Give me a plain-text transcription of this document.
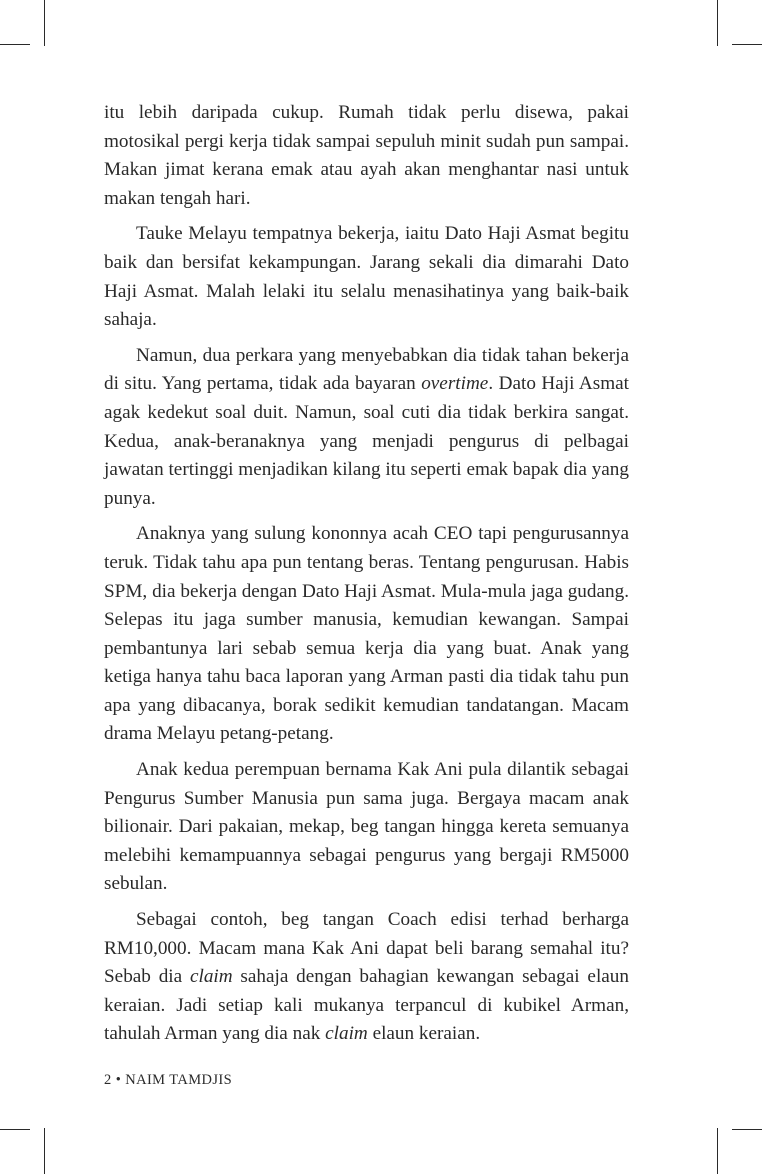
itu lebih daripada cukup. Rumah tidak perlu disewa, pakai motosikal pergi kerja tidak sampai sepuluh minit sudah pun sampai. Makan jimat kerana emak atau ayah akan menghantar nasi untuk makan tengah hari.

Tauke Melayu tempatnya bekerja, iaitu Dato Haji Asmat begitu baik dan bersifat kekampungan. Jarang sekali dia dimarahi Dato Haji Asmat. Malah lelaki itu selalu menasihatinya yang baik-baik sahaja.

Namun, dua perkara yang menyebabkan dia tidak tahan bekerja di situ. Yang pertama, tidak ada bayaran overtime. Dato Haji Asmat agak kedekut soal duit. Namun, soal cuti dia tidak berkira sangat. Kedua, anak-beranaknya yang menjadi pengurus di pelbagai jawatan tertinggi menjadikan kilang itu seperti emak bapak dia yang punya.

Anaknya yang sulung kononnya acah CEO tapi pengurusannya teruk. Tidak tahu apa pun tentang beras. Tentang pengurusan. Habis SPM, dia bekerja dengan Dato Haji Asmat. Mula-mula jaga gudang. Selepas itu jaga sumber manusia, kemudian kewangan. Sampai pembantunya lari sebab semua kerja dia yang buat. Anak yang ketiga hanya tahu baca laporan yang Arman pasti dia tidak tahu pun apa yang dibacanya, borak sedikit kemudian tandatangan. Macam drama Melayu petang-petang.

Anak kedua perempuan bernama Kak Ani pula dilantik sebagai Pengurus Sumber Manusia pun sama juga. Bergaya macam anak bilionair. Dari pakaian, mekap, beg tangan hingga kereta semuanya melebihi kemampuannya sebagai pengurus yang bergaji RM5000 sebulan.

Sebagai contoh, beg tangan Coach edisi terhad berharga RM10,000. Macam mana Kak Ani dapat beli barang semahal itu? Sebab dia claim sahaja dengan bahagian kewangan sebagai elaun keraian. Jadi setiap kali mukanya terpancul di kubikel Arman, tahulah Arman yang dia nak claim elaun keraian.

2 • NAIM TAMDJIS
